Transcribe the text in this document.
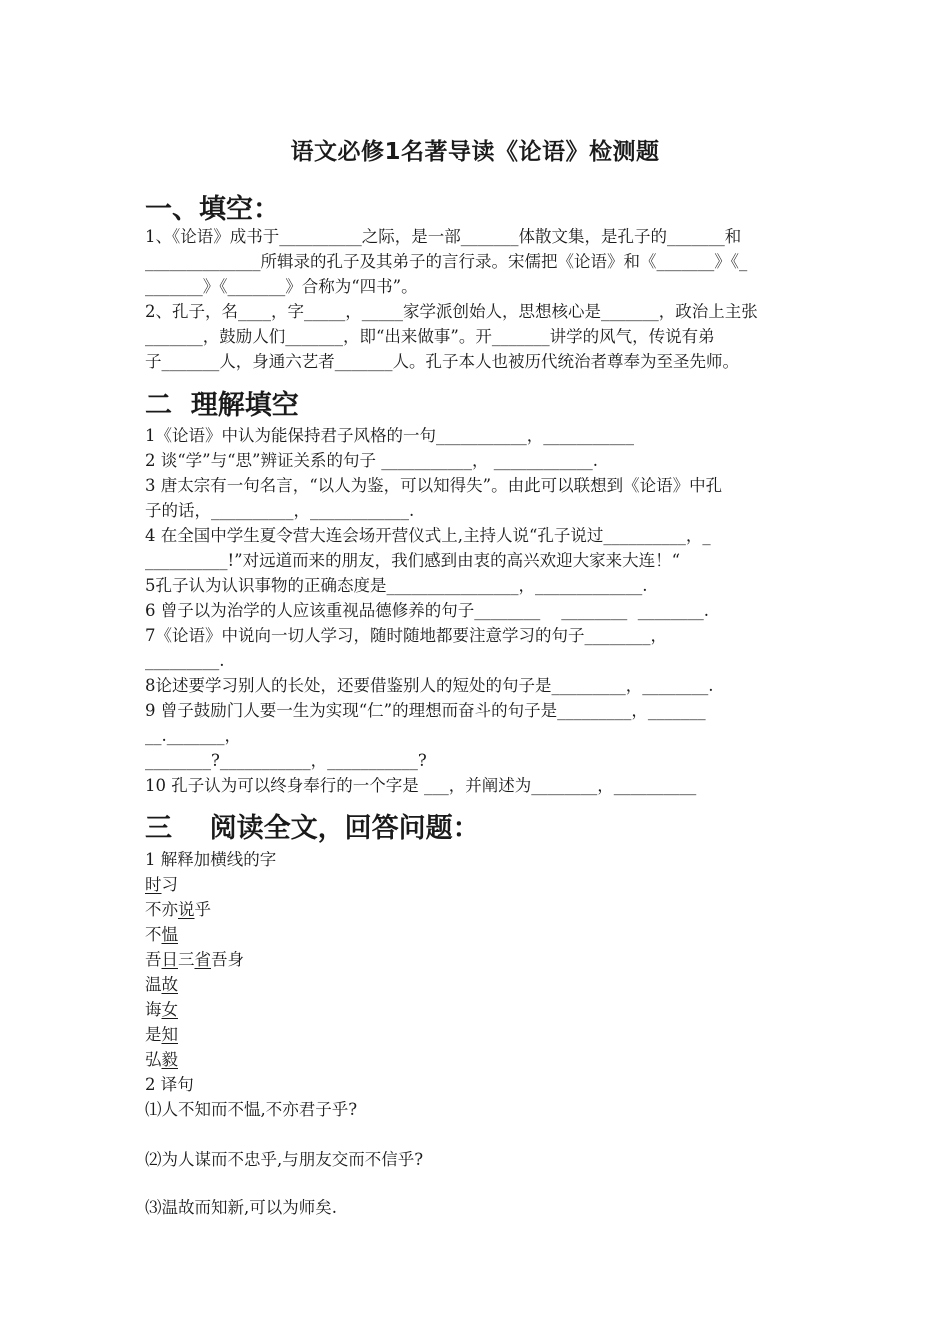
语文必修1名著导读《论语》检测题
一、填空：
1、《论语》成书于__________之际，是一部_______体散文集，是孔子的_______和
______________所辑录的孔子及其弟子的言行录。宋儒把《论语》和《_______》《_
_______》《_______》合称为“四书”。
2、孔子，名____，字_____，_____家学派创始人，思想核心是_______，政治上主张
_______，鼓励人们_______，即“出来做事”。开_______讲学的风气，传说有弟
子_______人，身通六艺者_______人。孔子本人也被历代统治者尊奉为至圣先师。
二  理解填空
1《论语》中认为能保持君子风格的一句___________，___________
2 谈“学”与“思”辨证关系的句子 ___________， ____________.
3 唐太宗有一句名言，“以人为鉴，可以知得失”。由此可以联想到《论语》中孔
子的话，__________，____________.
4 在全国中学生夏令营大连会场开营仪式上,主持人说“孔子说过__________，_
__________!”对远道而来的朋友，我们感到由衷的高兴欢迎大家来大连！“
5孔子认为认识事物的正确态度是________________，_____________.
6 曾子以为治学的人应该重视品德修养的句子________    ________  ________.
7《论语》中说向一切人学习，随时随地都要注意学习的句子________，
_________.
8论述要学习别人的长处，还要借鉴别人的短处的句子是_________，________.
9 曾子鼓励门人要一生为实现“仁”的理想而奋斗的句子是_________，_______
__._______，
________?___________，___________?
10 孔子认为可以终身奉行的一个字是 ___，并阐述为________，__________
三    阅读全文，回答问题：
1 解释加横线的字
时习
不亦说乎
不愠
吾日三省吾身
温故
诲女
是知
弘毅
2 译句
⑴人不知而不愠,不亦君子乎?
⑵为人谋而不忠乎,与朋友交而不信乎?
⑶温故而知新,可以为师矣.
